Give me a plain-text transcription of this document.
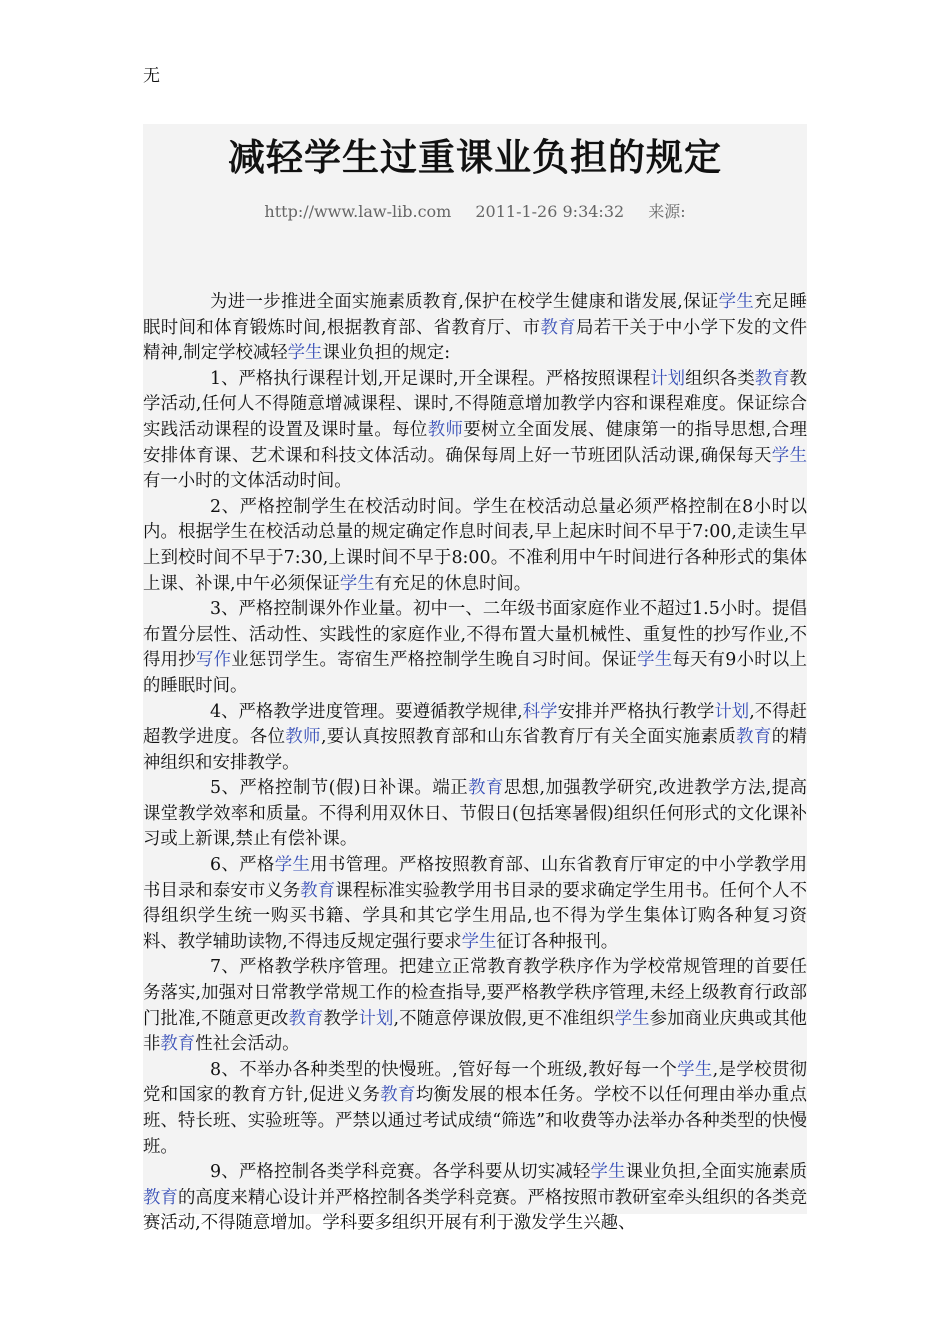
无
减轻学生过重课业负担的规定
http://www.law-lib.com 2011-1-26 9:34:32 来源:

为进一步推进全面实施素质教育,保护在校学生健康和谐发展,保证学生充足睡眠时间和体育锻炼时间,根据教育部、省教育厅、市教育局若干关于中小学下发的文件精神,制定学校减轻学生课业负担的规定:

1、严格执行课程计划,开足课时,开全课程。严格按照课程计划组织各类教育教学活动,任何人不得随意增减课程、课时,不得随意增加教学内容和课程难度。保证综合实践活动课程的设置及课时量。每位教师要树立全面发展、健康第一的指导思想,合理安排体育课、艺术课和科技文体活动。确保每周上好一节班团队活动课,确保每天学生有一小时的文体活动时间。

2、严格控制学生在校活动时间。学生在校活动总量必须严格控制在8小时以内。根据学生在校活动总量的规定确定作息时间表,早上起床时间不早于7:00,走读生早上到校时间不早于7:30,上课时间不早于8:00。不准利用中午时间进行各种形式的集体上课、补课,中午必须保证学生有充足的休息时间。

3、严格控制课外作业量。初中一、二年级书面家庭作业不超过1.5小时。提倡布置分层性、活动性、实践性的家庭作业,不得布置大量机械性、重复性的抄写作业,不得用抄写作业惩罚学生。寄宿生严格控制学生晚自习时间。保证学生每天有9小时以上的睡眠时间。

4、严格教学进度管理。要遵循教学规律,科学安排并严格执行教学计划,不得赶超教学进度。各位教师,要认真按照教育部和山东省教育厅有关全面实施素质教育的精神组织和安排教学。

5、严格控制节(假)日补课。端正教育思想,加强教学研究,改进教学方法,提高课堂教学效率和质量。不得利用双休日、节假日(包括寒暑假)组织任何形式的文化课补习或上新课,禁止有偿补课。

6、严格学生用书管理。严格按照教育部、山东省教育厅审定的中小学教学用书目录和泰安市义务教育课程标准实验教学用书目录的要求确定学生用书。任何个人不得组织学生统一购买书籍、学具和其它学生用品,也不得为学生集体订购各种复习资料、教学辅助读物,不得违反规定强行要求学生征订各种报刊。

7、严格教学秩序管理。把建立正常教育教学秩序作为学校常规管理的首要任务落实,加强对日常教学常规工作的检查指导,要严格教学秩序管理,未经上级教育行政部门批准,不随意更改教育教学计划,不随意停课放假,更不准组织学生参加商业庆典或其他非教育性社会活动。

8、不举办各种类型的快慢班。,管好每一个班级,教好每一个学生,是学校贯彻党和国家的教育方针,促进义务教育均衡发展的根本任务。学校不以任何理由举办重点班、特长班、实验班等。严禁以通过考试成绩“筛选”和收费等办法举办各种类型的快慢班。

9、严格控制各类学科竞赛。各学科要从切实减轻学生课业负担,全面实施素质教育的高度来精心设计并严格控制各类学科竞赛。严格按照市教研室牵头组织的各类竞赛活动,不得随意增加。学科要多组织开展有利于激发学生兴趣、
